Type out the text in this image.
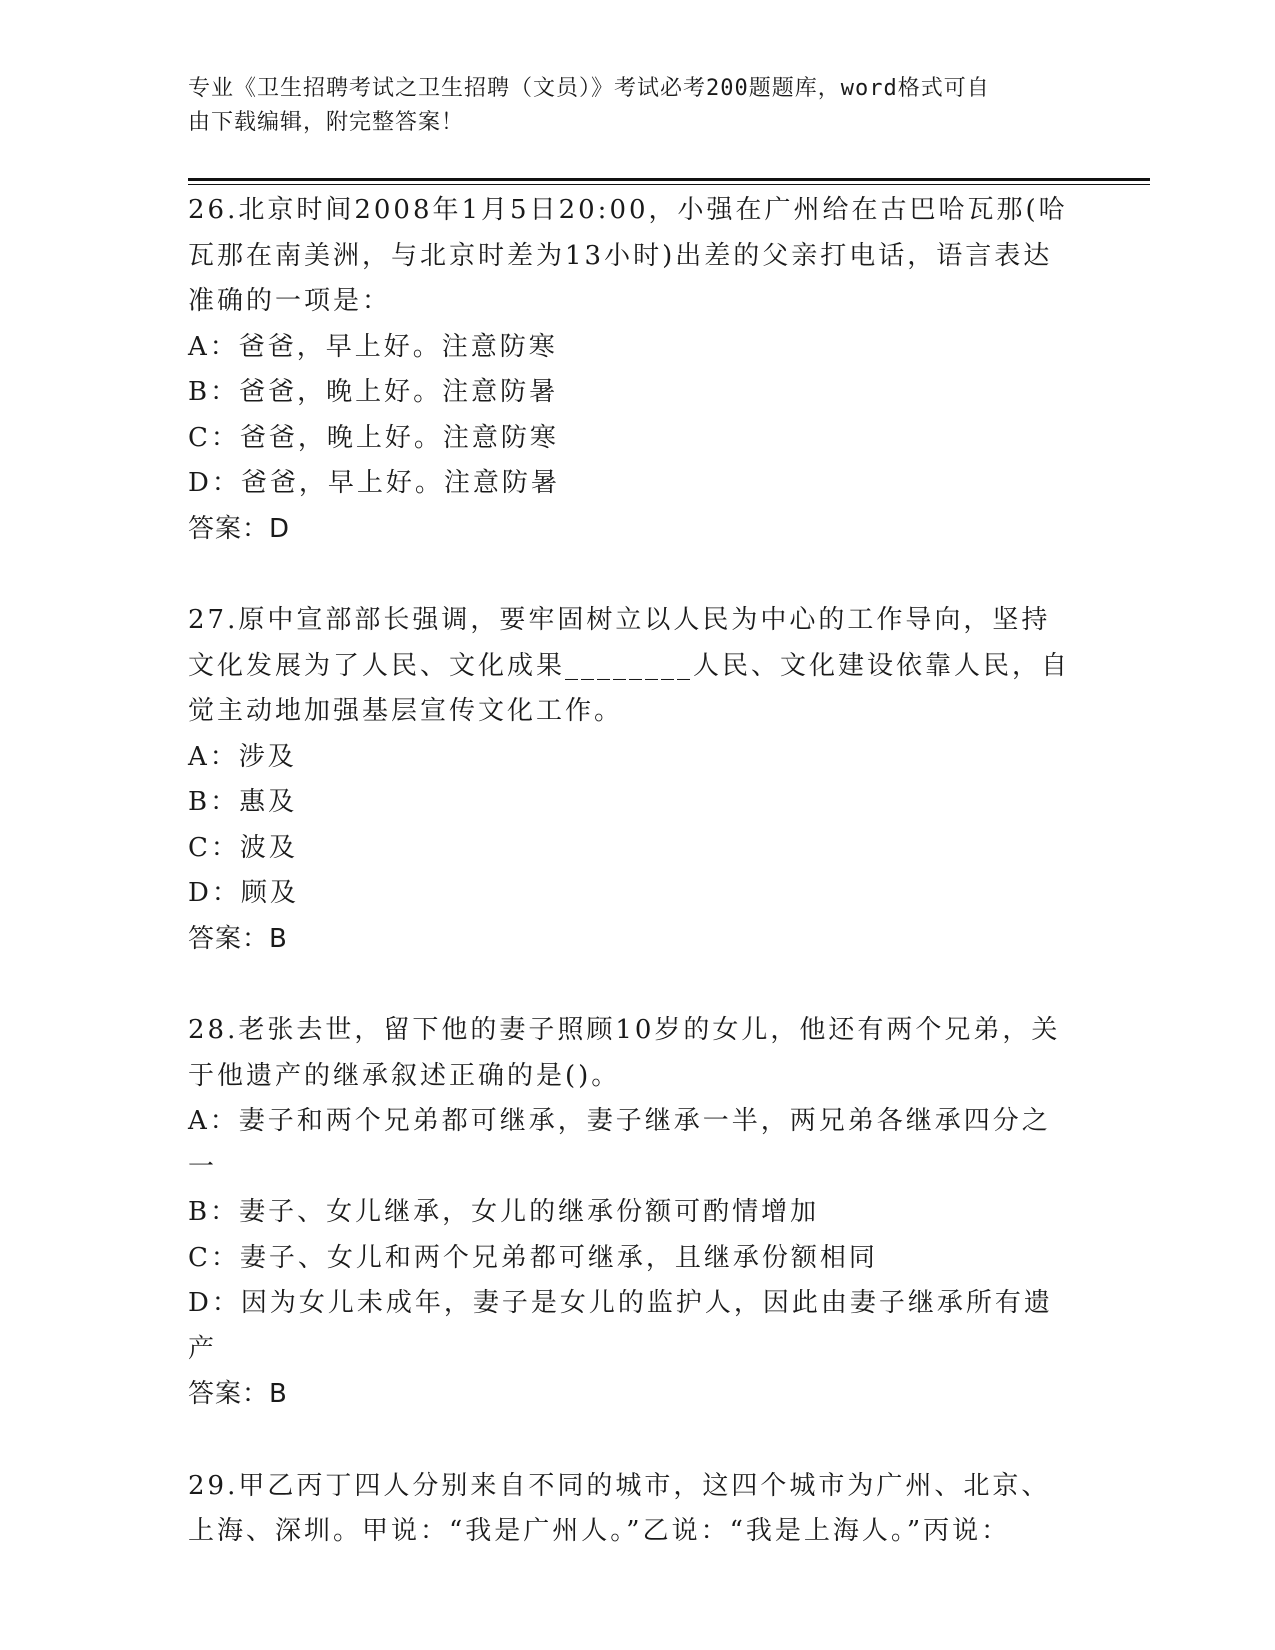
专业《卫生招聘考试之卫生招聘（文员）》考试必考200题题库，word格式可自
由下载编辑，附完整答案！

26.北京时间2008年1月5日20:00，小强在广州给在古巴哈瓦那(哈瓦那在南美洲，与北京时差为13小时)出差的父亲打电话，语言表达准确的一项是：

A：爸爸，早上好。注意防寒

B：爸爸，晚上好。注意防暑

C：爸爸，晚上好。注意防寒

D：爸爸，早上好。注意防暑

答案：D

27.原中宣部部长强调，要牢固树立以人民为中心的工作导向，坚持文化发展为了人民、文化成果________人民、文化建设依靠人民，自觉主动地加强基层宣传文化工作。

A：涉及

B：惠及

C：波及

D：顾及

答案：B

28.老张去世，留下他的妻子照顾10岁的女儿，他还有两个兄弟，关于他遗产的继承叙述正确的是()。

A：妻子和两个兄弟都可继承，妻子继承一半，两兄弟各继承四分之一

B：妻子、女儿继承，女儿的继承份额可酌情增加

C：妻子、女儿和两个兄弟都可继承，且继承份额相同

D：因为女儿未成年，妻子是女儿的监护人，因此由妻子继承所有遗产

答案：B

29.甲乙丙丁四人分别来自不同的城市，这四个城市为广州、北京、上海、深圳。甲说：“我是广州人。”乙说：“我是上海人。”丙说：
